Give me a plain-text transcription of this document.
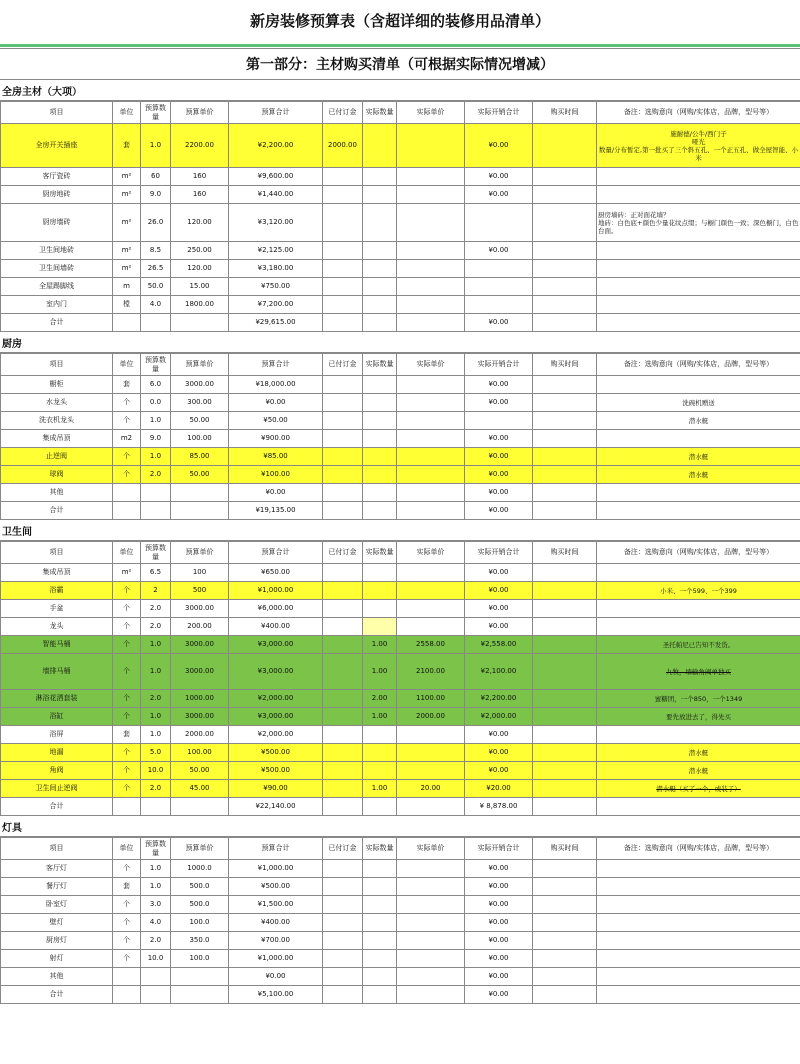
新房装修预算表（含超详细的装修用品清单）
第一部分：主材购买清单（可根据实际情况增减）
全房主材（大项）
项目	单位	预算数量	预算单价	预算合计	已付订金	实际数量	实际单价	实际开销合计	购买时间	备注：选购意向（网购/实体店，品牌，型号等）
全房开关插座	套	1.0	2200.00	¥2,200.00	2000.00			¥0.00		施耐德/公牛/西门子
哑光
数量/分布暂定,第一批买了三个斜五孔、一个正五孔、做全屋智能、小米

客厅瓷砖	m²	60	160	¥9,600.00				¥0.00		
厨房地砖	m²	9.0	160	¥1,440.00				¥0.00		
厨房墙砖	m²	26.0	120.00	¥3,120.00						厨房墙砖：正对面花墙？
地砖：白色底+颜色少量花纹点缀；与橱门颜色一致；深色橱门，白色台面。

卫生间地砖	m²	8.5	250.00	¥2,125.00				¥0.00		
卫生间墙砖	m²	26.5	120.00	¥3,180.00						
全屋踢脚线	m	50.0	15.00	¥750.00						
室内门	樘	4.0	1800.00	¥7,200.00						
合计				¥29,615.00				¥0.00		
厨房
项目	单位	预算数量	预算单价	预算合计	已付订金	实际数量	实际单价	实际开销合计	购买时间	备注：选购意向（网购/实体店，品牌，型号等）
橱柜	套	6.0	3000.00	¥18,000.00				¥0.00		
水龙头	个	0.0	300.00	¥0.00				¥0.00		洗碗机赠送
洗衣机龙头	个	1.0	50.00	¥50.00						潜水艇
集成吊顶	m2	9.0	100.00	¥900.00				¥0.00		
止逆阀	个	1.0	85.00	¥85.00				¥0.00		潜水艇
球阀	个	2.0	50.00	¥100.00				¥0.00		潜水艇
其他				¥0.00				¥0.00		
合计				¥19,135.00				¥0.00		
卫生间
项目	单位	预算数量	预算单价	预算合计	已付订金	实际数量	实际单价	实际开销合计	购买时间	备注：选购意向（网购/实体店，品牌，型号等）
集成吊顶	m²	6.5	100	¥650.00				¥0.00		
浴霸	个	2	500	¥1,000.00				¥0.00		小米、一个599、一个399
手盆	个	2.0	3000.00	¥6,000.00				¥0.00		
龙头	个	2.0	200.00	¥400.00				¥0.00		
智能马桶	个	1.0	3000.00	¥3,000.00		1.00	2558.00	¥2,558.00		圣托帕尼已告知不发货。
墙排马桶	个	1.0	3000.00	¥3,000.00		1.00	2100.00	¥2,100.00		九牧，墙输角阀单独买
淋浴花洒套装	个	2.0	1000.00	¥2,000.00		2.00	1100.00	¥2,200.00		蜜糖团，一个850，一个1349
浴缸	个	1.0	3000.00	¥3,000.00		1.00	2000.00	¥2,000.00		要先放进去了，得先买
浴屏	套	1.0	2000.00	¥2,000.00				¥0.00		
地漏	个	5.0	100.00	¥500.00				¥0.00		潜水艇
角阀	个	10.0	50.00	¥500.00				¥0.00		潜水艇
卫生间止逆阀	个	2.0	45.00	¥90.00		1.00	20.00	¥20.00		潜水艇（买了一个，或装了）
合计				¥22,140.00				¥ 8,878.00		
灯具
项目	单位	预算数量	预算单价	预算合计	已付订金	实际数量	实际单价	实际开销合计	购买时间	备注：选购意向（网购/实体店，品牌，型号等）
客厅灯	个	1.0	1000.0	¥1,000.00				¥0.00		
餐厅灯	套	1.0	500.0	¥500.00				¥0.00		
卧室灯	个	3.0	500.0	¥1,500.00				¥0.00		
壁灯	个	4.0	100.0	¥400.00				¥0.00		
厨房灯	个	2.0	350.0	¥700.00				¥0.00		
射灯	个	10.0	100.0	¥1,000.00				¥0.00		
其他				¥0.00				¥0.00		
合计				¥5,100.00				¥0.00		
